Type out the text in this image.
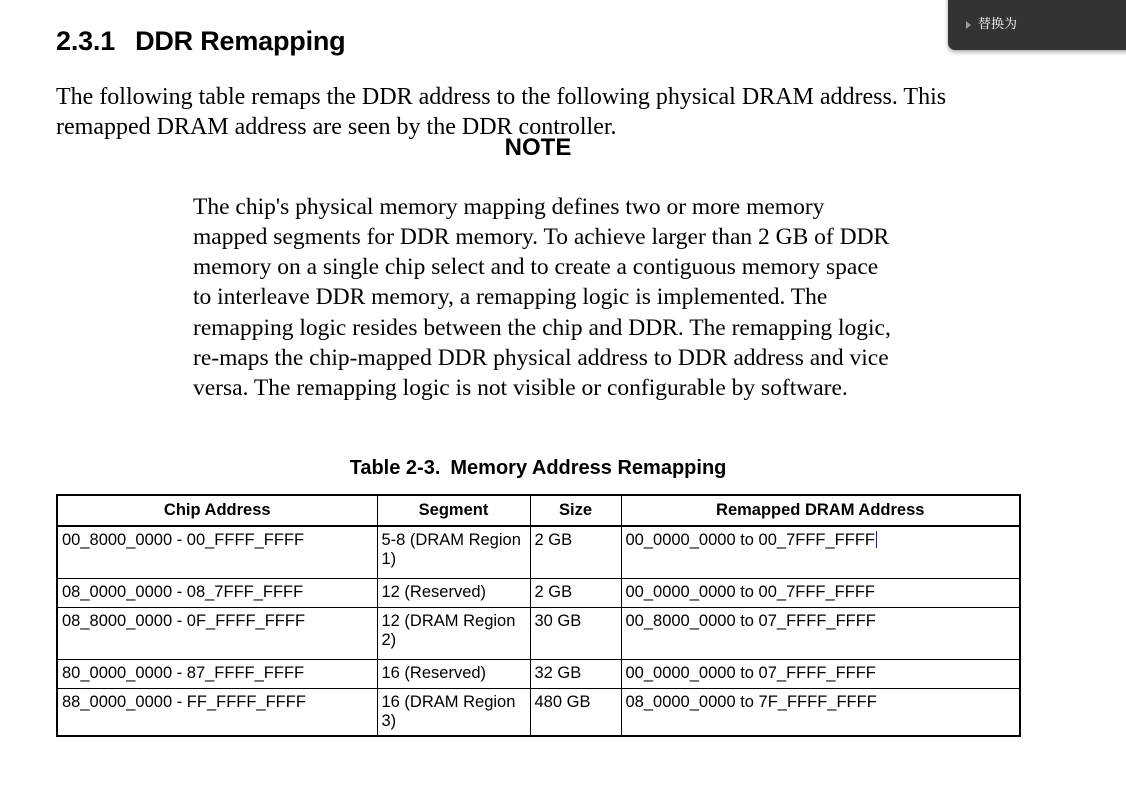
2.3.1 DDR Remapping

The following table remaps the DDR address to the following physical DRAM address. This remapped DRAM address are seen by the DDR controller.

NOTE

The chip's physical memory mapping defines two or more memory mapped segments for DDR memory. To achieve larger than 2 GB of DDR memory on a single chip select and to create a contiguous memory space to interleave DDR memory, a remapping logic is implemented. The remapping logic resides between the chip and DDR. The remapping logic, re-maps the chip-mapped DDR physical address to DDR address and vice versa. The remapping logic is not visible or configurable by software.

Table 2-3. Memory Address Remapping
Chip Address	Segment	Size	Remapped DRAM Address
00_8000_0000 - 00_FFFF_FFFF	5-8 (DRAM Region 1)	2 GB	00_0000_0000 to 00_7FFF_FFFF
08_0000_0000 - 08_7FFF_FFFF	12 (Reserved)	2 GB	00_0000_0000 to 00_7FFF_FFFF
08_8000_0000 - 0F_FFFF_FFFF	12 (DRAM Region 2)	30 GB	00_8000_0000 to 07_FFFF_FFFF
80_0000_0000 - 87_FFFF_FFFF	16 (Reserved)	32 GB	00_0000_0000 to 07_FFFF_FFFF
88_0000_0000 - FF_FFFF_FFFF	16 (DRAM Region 3)	480 GB	08_0000_0000 to 7F_FFFF_FFFF
替换为
